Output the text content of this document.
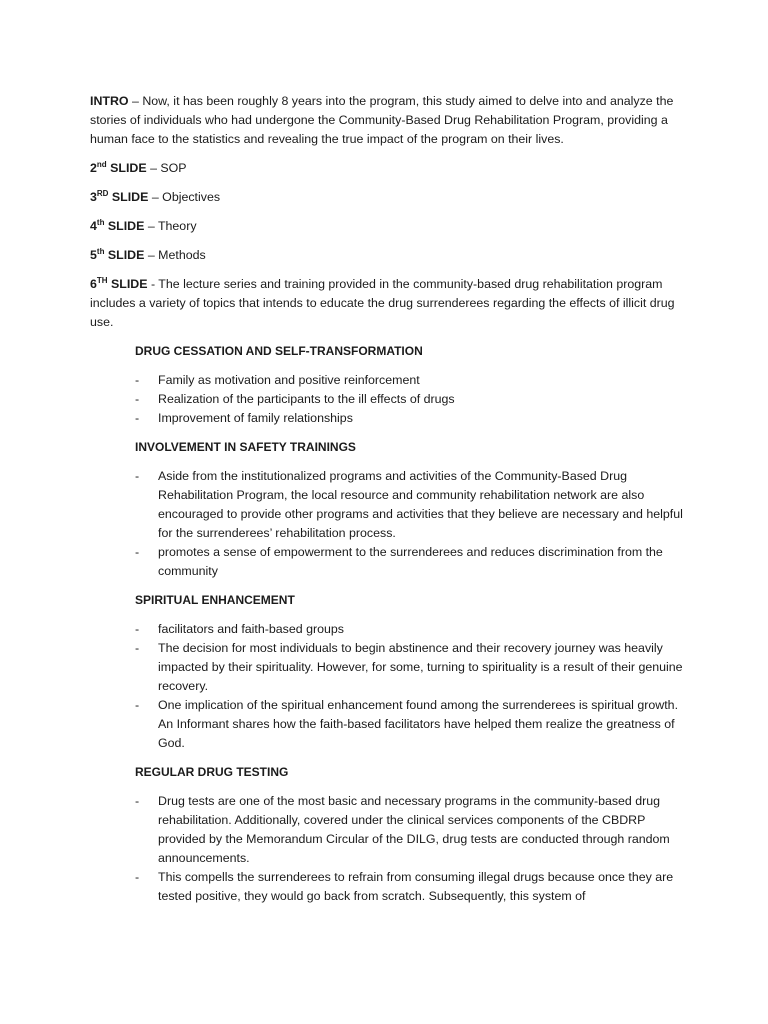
INTRO – Now, it has been roughly 8 years into the program, this study aimed to delve into and analyze the stories of individuals who had undergone the Community-Based Drug Rehabilitation Program, providing a human face to the statistics and revealing the true impact of the program on their lives.

2nd SLIDE – SOP

3RD SLIDE – Objectives

4th SLIDE – Theory

5th SLIDE – Methods

6TH SLIDE - The lecture series and training provided in the community-based drug rehabilitation program includes a variety of topics that intends to educate the drug surrenderees regarding the effects of illicit drug use.

DRUG CESSATION AND SELF-TRANSFORMATION
- Family as motivation and positive reinforcement
- Realization of the participants to the ill effects of drugs
- Improvement of family relationships
INVOLVEMENT IN SAFETY TRAININGS
- Aside from the institutionalized programs and activities of the Community-Based Drug Rehabilitation Program, the local resource and community rehabilitation network are also encouraged to provide other programs and activities that they believe are necessary and helpful for the surrenderees’ rehabilitation process.
- promotes a sense of empowerment to the surrenderees and reduces discrimination from the community
SPIRITUAL ENHANCEMENT
- facilitators and faith-based groups
- The decision for most individuals to begin abstinence and their recovery journey was heavily impacted by their spirituality. However, for some, turning to spirituality is a result of their genuine recovery.
- One implication of the spiritual enhancement found among the surrenderees is spiritual growth. An Informant shares how the faith-based facilitators have helped them realize the greatness of God.
REGULAR DRUG TESTING
- Drug tests are one of the most basic and necessary programs in the community-based drug rehabilitation. Additionally, covered under the clinical services components of the CBDRP provided by the Memorandum Circular of the DILG, drug tests are conducted through random announcements.
- This compells the surrenderees to refrain from consuming illegal drugs because once they are tested positive, they would go back from scratch. Subsequently, this system of
